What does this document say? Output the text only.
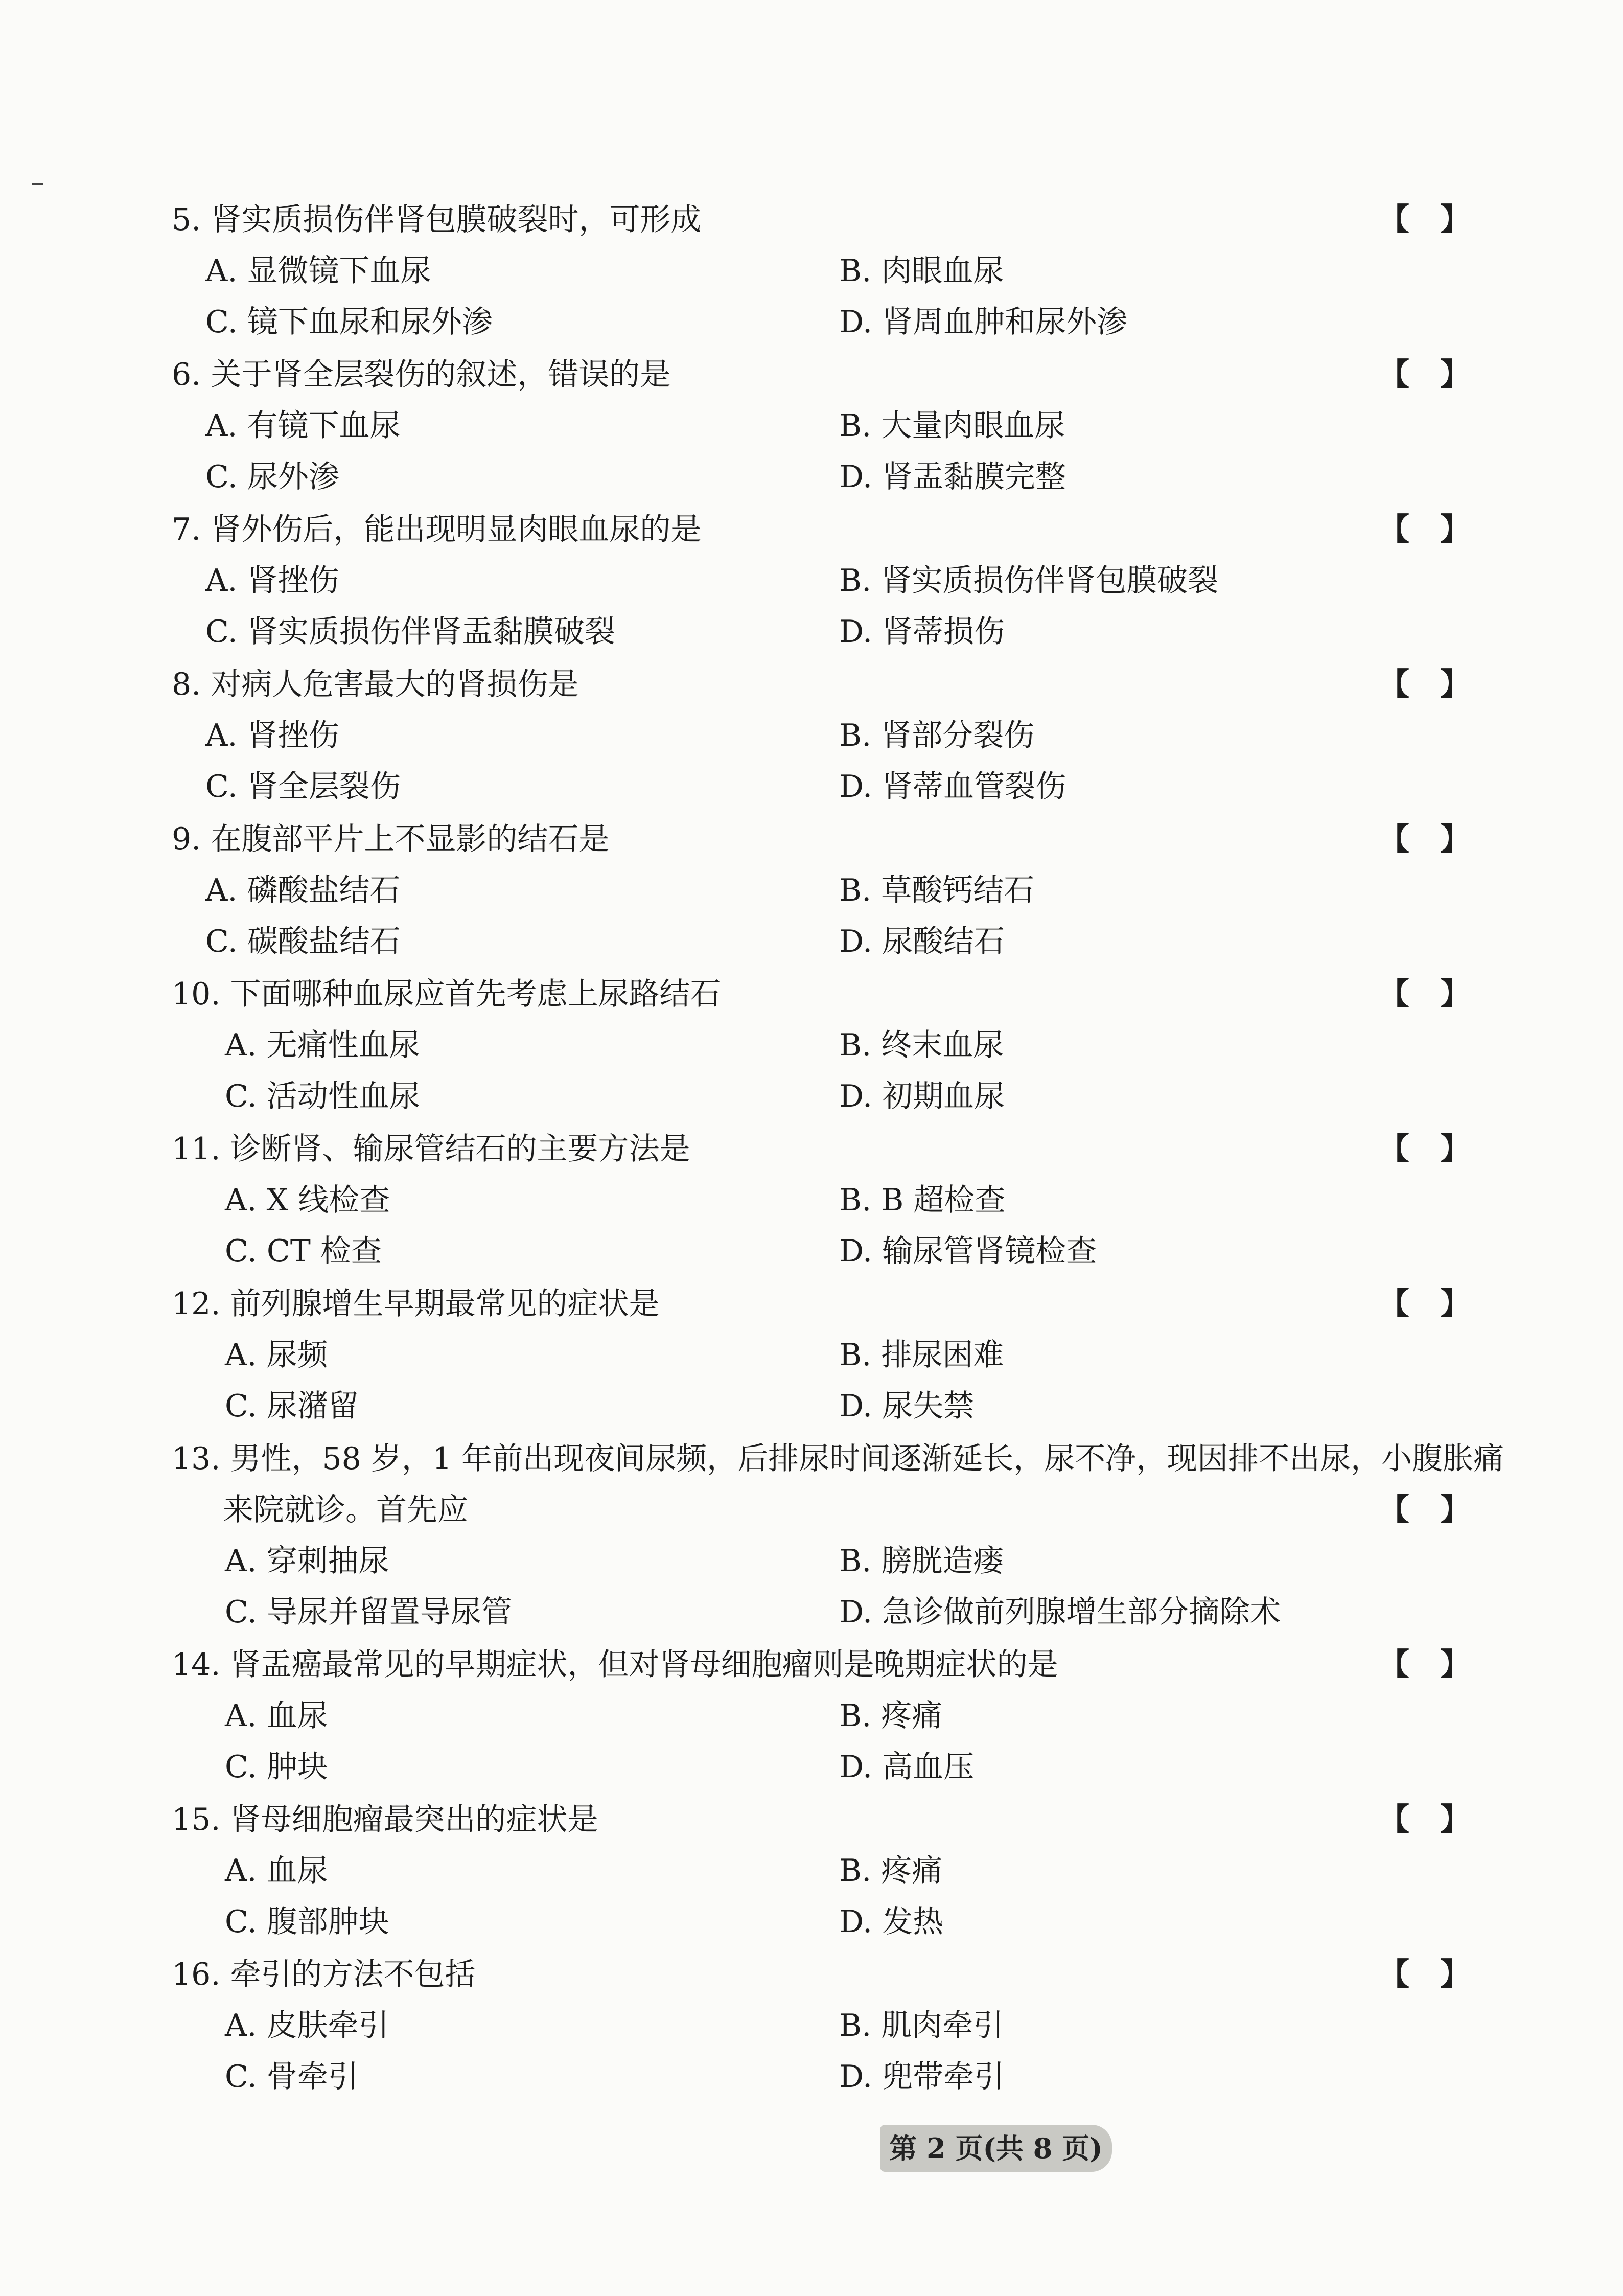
5. 肾实质损伤伴肾包膜破裂时，可形成	【　】
A. 显微镜下血尿	B. 肉眼血尿
C. 镜下血尿和尿外渗	D. 肾周血肿和尿外渗
6. 关于肾全层裂伤的叙述，错误的是	【　】
A. 有镜下血尿	B. 大量肉眼血尿
C. 尿外渗	D. 肾盂黏膜完整
7. 肾外伤后，能出现明显肉眼血尿的是	【　】
A. 肾挫伤	B. 肾实质损伤伴肾包膜破裂
C. 肾实质损伤伴肾盂黏膜破裂	D. 肾蒂损伤
8. 对病人危害最大的肾损伤是	【　】
A. 肾挫伤	B. 肾部分裂伤
C. 肾全层裂伤	D. 肾蒂血管裂伤
9. 在腹部平片上不显影的结石是	【　】
A. 磷酸盐结石	B. 草酸钙结石
C. 碳酸盐结石	D. 尿酸结石
10. 下面哪种血尿应首先考虑上尿路结石	【　】
A. 无痛性血尿	B. 终末血尿
C. 活动性血尿	D. 初期血尿
11. 诊断肾、输尿管结石的主要方法是	【　】
A. X 线检查	B. B 超检查
C. CT 检查	D. 输尿管肾镜检查
12. 前列腺增生早期最常见的症状是	【　】
A. 尿频	B. 排尿困难
C. 尿潴留	D. 尿失禁
13. 男性，58 岁，1 年前出现夜间尿频，后排尿时间逐渐延长，尿不净，现因排不出尿，小腹胀痛
来院就诊。首先应	【　】
A. 穿刺抽尿	B. 膀胱造瘘
C. 导尿并留置导尿管	D. 急诊做前列腺增生部分摘除术
14. 肾盂癌最常见的早期症状，但对肾母细胞瘤则是晚期症状的是	【　】
A. 血尿	B. 疼痛
C. 肿块	D. 高血压
15. 肾母细胞瘤最突出的症状是	【　】
A. 血尿	B. 疼痛
C. 腹部肿块	D. 发热
16. 牵引的方法不包括	【　】
A. 皮肤牵引	B. 肌肉牵引
C. 骨牵引	D. 兜带牵引
第 2 页(共 8 页)
